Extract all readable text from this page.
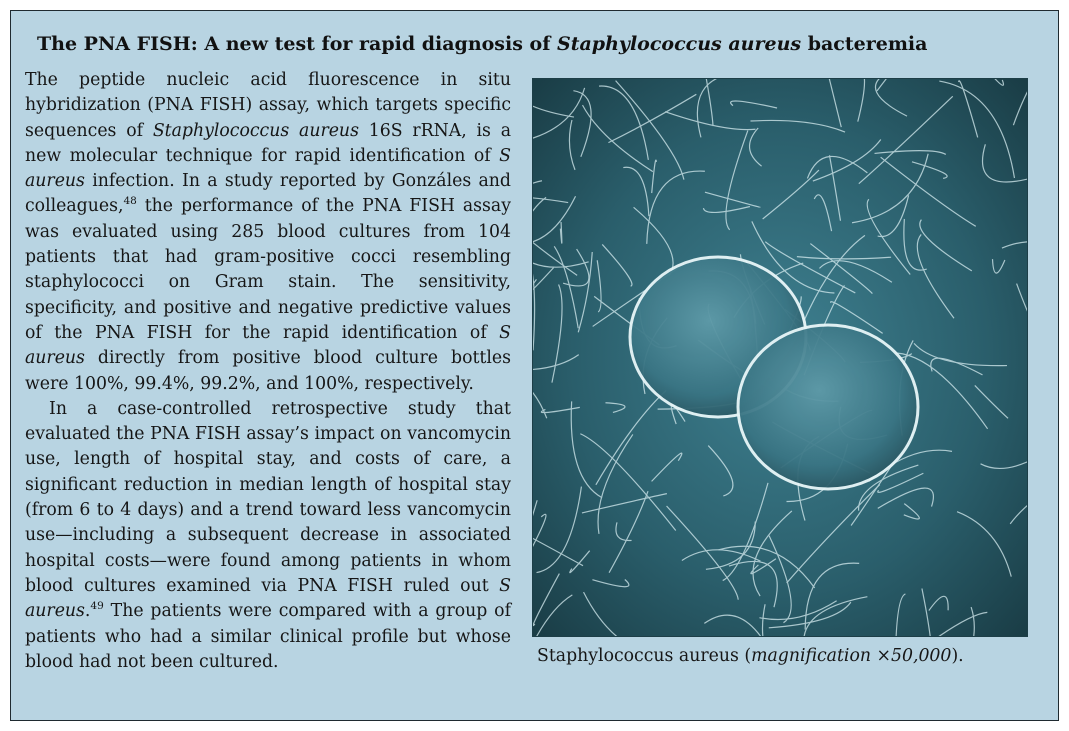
The PNA FISH: A new test for rapid diagnosis of Staphylococcus aureus bacteremia

The peptide nucleic acid fluorescence in situ hybridization (PNA FISH) assay, which targets specific sequences of Staphylococcus aureus 16S rRNA, is a new molecular technique for rapid identification of S aureus infection. In a study reported by Gonzáles and colleagues,$^{48}$ the performance of the PNA FISH assay was evaluated using 285 blood cultures from 104 patients that had gram-positive cocci resembling staphylococci on Gram stain. The sensitivity, specificity, and positive and negative predictive values of the PNA FISH for the rapid identification of S aureus directly from positive blood culture bottles were 100%, 99.4%, 99.2%, and 100%, respectively.

In a case-controlled retrospective study that evaluated the PNA FISH assay’s impact on vancomycin use, length of hospital stay, and costs of care, a significant reduction in median length of hospital stay (from 6 to 4 days) and a trend toward less vancomycin use—including a subsequent decrease in associated hospital costs—were found among patients in whom blood cultures examined via PNA FISH ruled out S aureus.$^{49}$ The patients were compared with a group of patients who had a similar clinical profile but whose blood had not been cultured.	Staphylococcus aureus (magnification ×50,000).
